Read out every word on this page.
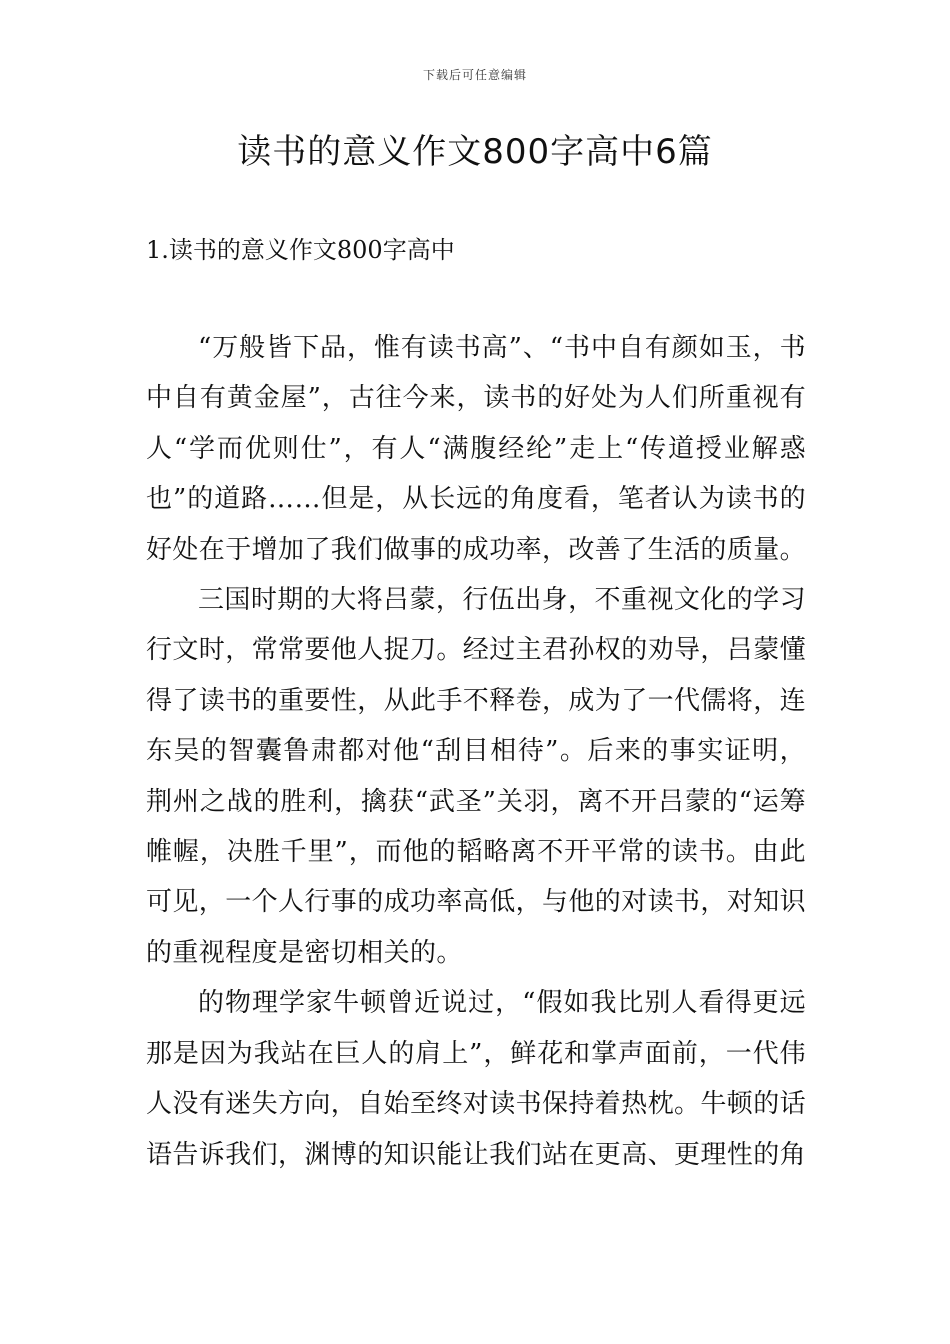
下载后可任意编辑
读书的意义作文800字高中6篇
1.读书的意义作文800字高中

“万般皆下品，惟有读书高”、“书中自有颜如玉，书中自有黄金屋”，古往今来，读书的好处为人们所重视有人“学而优则仕”，有人“满腹经纶”走上“传道授业解惑也”的道路……但是，从长远的角度看，笔者认为读书的好处在于增加了我们做事的成功率，改善了生活的质量。

三国时期的大将吕蒙，行伍出身，不重视文化的学习行文时，常常要他人捉刀。经过主君孙权的劝导，吕蒙懂得了读书的重要性，从此手不释卷，成为了一代儒将，连东吴的智囊鲁肃都对他“刮目相待”。后来的事实证明，荆州之战的胜利，擒获“武圣”关羽，离不开吕蒙的“运筹帷幄，决胜千里”，而他的韬略离不开平常的读书。由此可见，一个人行事的成功率高低，与他的对读书，对知识的重视程度是密切相关的。

的物理学家牛顿曾近说过，“假如我比别人看得更远那是因为我站在巨人的肩上”，鲜花和掌声面前，一代伟人没有迷失方向，自始至终对读书保持着热枕。牛顿的话语告诉我们，渊博的知识能让我们站在更高、更理性的角
